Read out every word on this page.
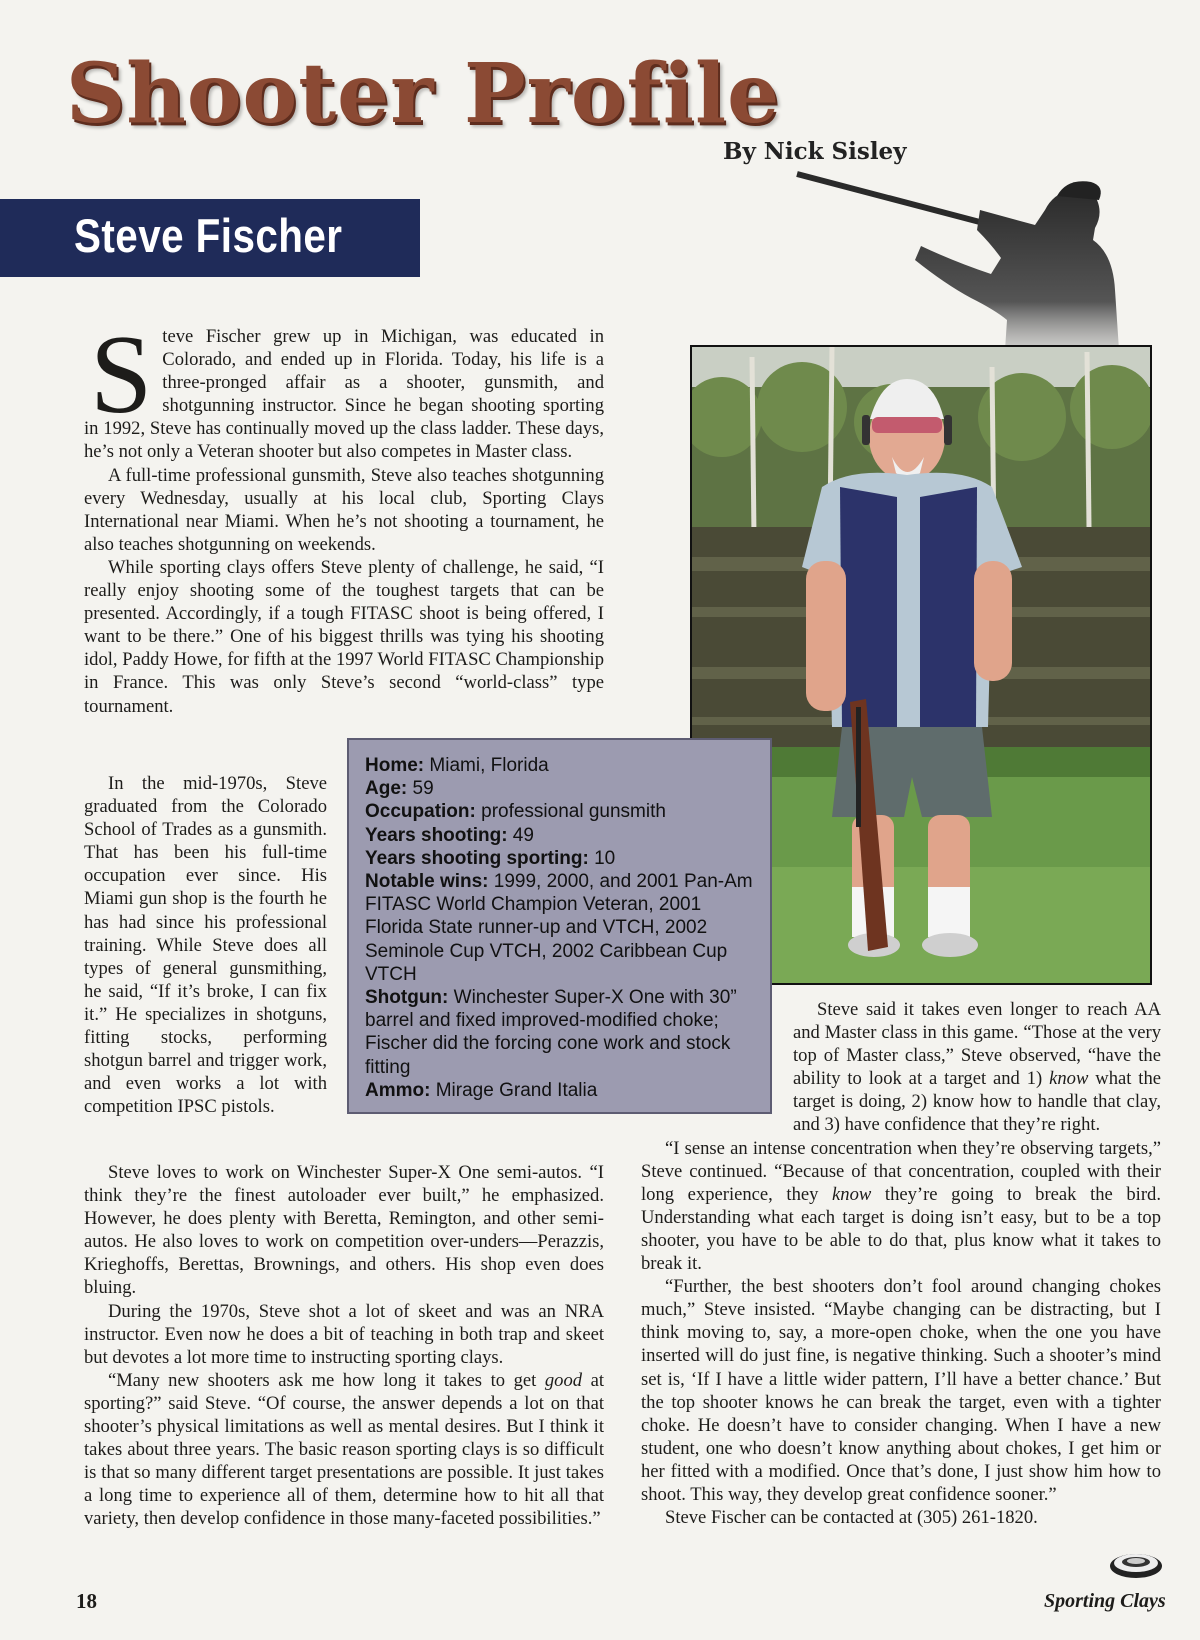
Shooter Profile
By Nick Sisley
Steve Fischer

Steve Fischer grew up in Michigan, was educated in Colorado, and ended up in Florida. Today, his life is a three-pronged affair as a shooter, gunsmith, and shotgunning instructor. Since he began shooting sporting in 1992, Steve has continually moved up the class ladder. These days, he’s not only a Veteran shooter but also competes in Master class.

A full-time professional gunsmith, Steve also teaches shotgunning every Wednesday, usually at his local club, Sporting Clays International near Miami. When he’s not shooting a tournament, he also teaches shotgunning on weekends.

While sporting clays offers Steve plenty of challenge, he said, “I really enjoy shooting some of the toughest targets that can be presented. Accordingly, if a tough FITASC shoot is being offered, I want to be there.” One of his biggest thrills was tying his shooting idol, Paddy Howe, for fifth at the 1997 World FITASC Championship in France. This was only Steve’s second “world-class” type tournament.

In the mid-1970s, Steve graduated from the Colorado School of Trades as a gunsmith. That has been his full-time occupation ever since. His Miami gun shop is the fourth he has had since his professional training. While Steve does all types of general gunsmithing, he said, “If it’s broke, I can fix it.” He specializes in shotguns, fitting stocks, performing shotgun barrel and trigger work, and even works a lot with competition IPSC pistols.

Steve loves to work on Winchester Super-X One semi-autos. “I think they’re the finest autoloader ever built,” he emphasized. However, he does plenty with Beretta, Remington, and other semi-autos. He also loves to work on competition over-unders—Perazzis, Krieghoffs, Berettas, Brownings, and others. His shop even does bluing.

During the 1970s, Steve shot a lot of skeet and was an NRA instructor. Even now he does a bit of teaching in both trap and skeet but devotes a lot more time to instructing sporting clays.

“Many new shooters ask me how long it takes to get good at sporting?” said Steve. “Of course, the answer depends a lot on that shooter’s physical limitations as well as mental desires. But I think it takes about three years. The basic reason sporting clays is so difficult is that so many different target presentations are possible. It just takes a long time to experience all of them, determine how to hit all that variety, then develop confidence in those many-faceted possibilities.”

Home: Miami, Florida
Age: 59
Occupation: professional gunsmith
Years shooting: 49
Years shooting sporting: 10
Notable wins: 1999, 2000, and 2001 Pan-Am FITASC World Champion Veteran, 2001 Florida State runner-up and VTCH, 2002 Seminole Cup VTCH, 2002 Caribbean Cup VTCH
Shotgun: Winchester Super-X One with 30” barrel and fixed improved-modified choke; Fischer did the forcing cone work and stock fitting
Ammo: Mirage Grand Italia

Steve said it takes even longer to reach AA and Master class in this game. “Those at the very top of Master class,” Steve observed, “have the ability to look at a target and 1) know what the target is doing, 2) know how to handle that clay, and 3) have confidence that they’re right.

“I sense an intense concentration when they’re observing targets,” Steve continued. “Because of that concentration, coupled with their long experience, they know they’re going to break the bird. Understanding what each target is doing isn’t easy, but to be a top shooter, you have to be able to do that, plus know what it takes to break it.

“Further, the best shooters don’t fool around changing chokes much,” Steve insisted. “Maybe changing can be distracting, but I think moving to, say, a more-open choke, when the one you have inserted will do just fine, is negative thinking. Such a shooter’s mind set is, ‘If I have a little wider pattern, I’ll have a better chance.’ But the top shooter knows he can break the target, even with a tighter choke. He doesn’t have to consider changing. When I have a new student, one who doesn’t know anything about chokes, I get him or her fitted with a modified. Once that’s done, I just show him how to shoot. This way, they develop great confidence sooner.”

Steve Fischer can be contacted at (305) 261-1820.

18	Sporting Clays
